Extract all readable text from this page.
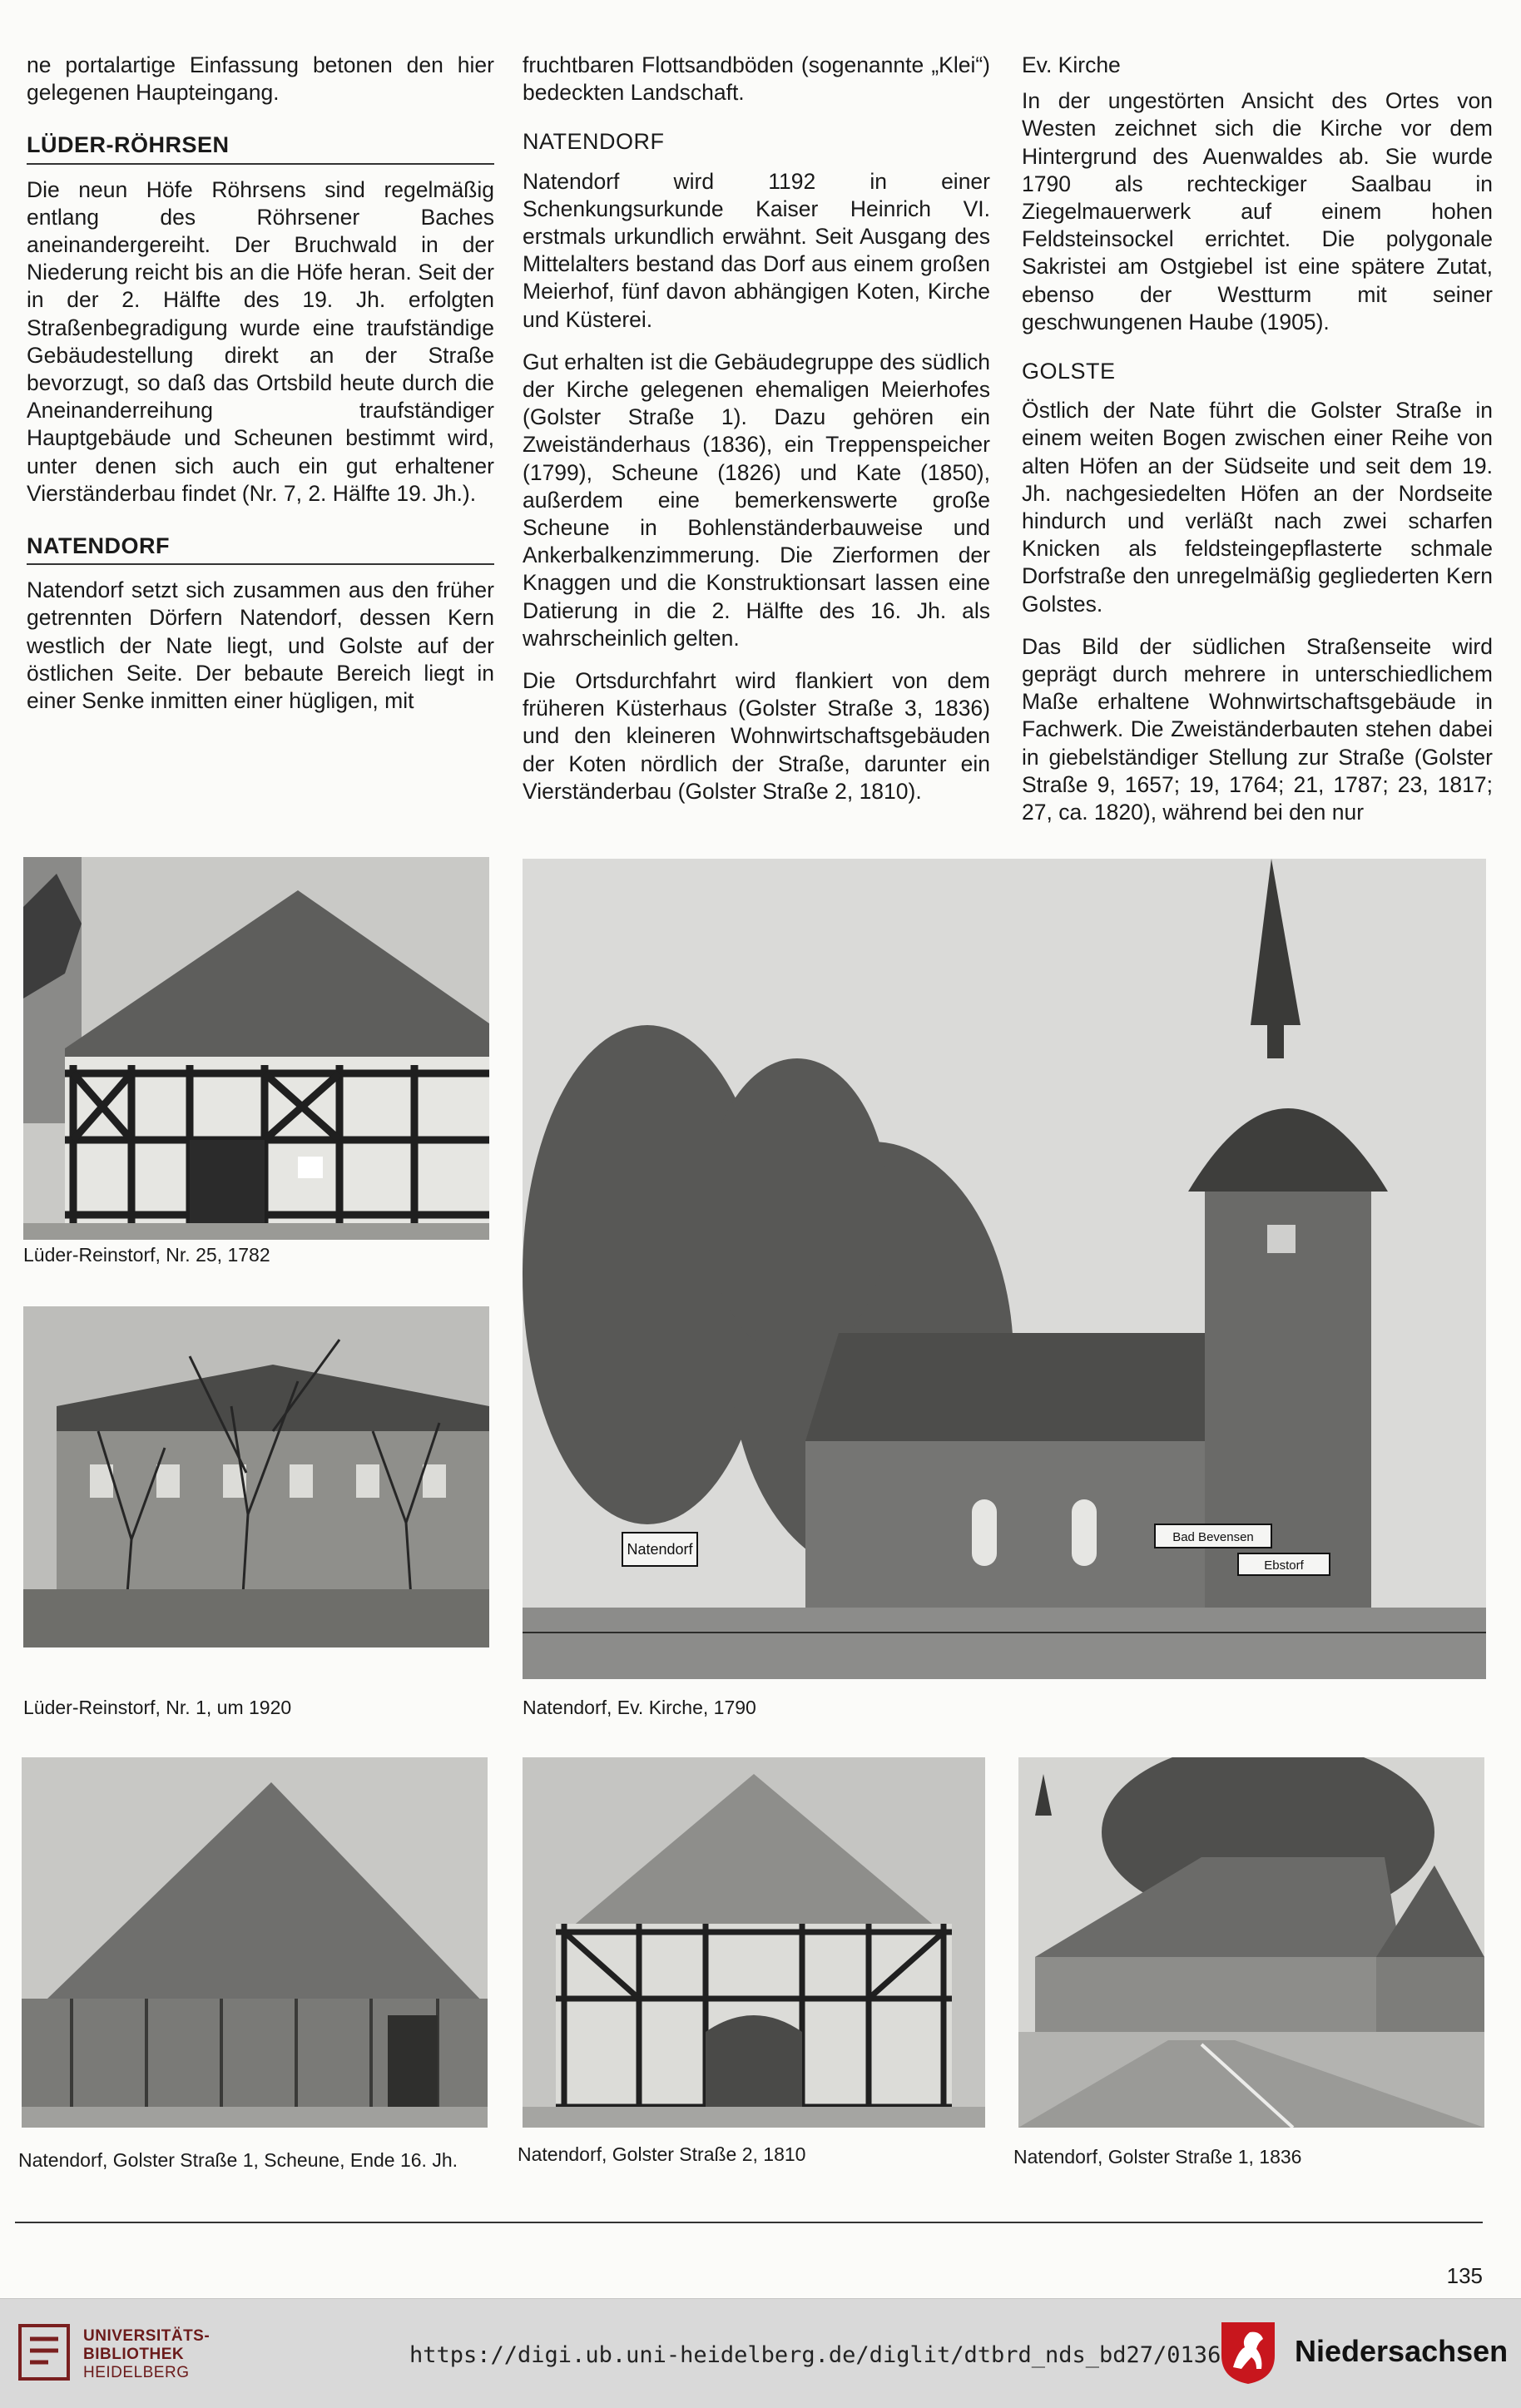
ne portalartige Einfassung betonen den hier gelegenen Haupteingang.

LÜDER-RÖHRSEN

Die neun Höfe Röhrsens sind regelmäßig entlang des Röhrsener Baches aneinandergereiht. Der Bruchwald in der Niederung reicht bis an die Höfe heran. Seit der in der 2. Hälfte des 19. Jh. erfolgten Straßenbegradigung wurde eine traufständige Gebäudestellung direkt an der Straße bevorzugt, so daß das Ortsbild heute durch die Aneinanderreihung traufständiger Hauptgebäude und Scheunen bestimmt wird, unter denen sich auch ein gut erhaltener Vierständerbau findet (Nr. 7, 2. Hälfte 19. Jh.).

NATENDORF

Natendorf setzt sich zusammen aus den früher getrennten Dörfern Natendorf, dessen Kern westlich der Nate liegt, und Golste auf der östlichen Seite. Der bebaute Bereich liegt in einer Senke inmitten einer hügligen, mit

fruchtbaren Flottsandböden (sogenannte „Klei“) bedeckten Landschaft.

NATENDORF

Natendorf wird 1192 in einer Schenkungsurkunde Kaiser Heinrich VI. erstmals urkundlich erwähnt. Seit Ausgang des Mittelalters bestand das Dorf aus einem großen Meierhof, fünf davon abhängigen Koten, Kirche und Küsterei.

Gut erhalten ist die Gebäudegruppe des südlich der Kirche gelegenen ehemaligen Meierhofes (Golster Straße 1). Dazu gehören ein Zweiständerhaus (1836), ein Treppenspeicher (1799), Scheune (1826) und Kate (1850), außerdem eine bemerkenswerte große Scheune in Bohlenständerbauweise und Ankerbalkenzimmerung. Die Zierformen der Knaggen und die Konstruktionsart lassen eine Datierung in die 2. Hälfte des 16. Jh. als wahrscheinlich gelten.

Die Ortsdurchfahrt wird flankiert von dem früheren Küsterhaus (Golster Straße 3, 1836) und den kleineren Wohnwirtschaftsgebäuden der Koten nördlich der Straße, darunter ein Vierständerbau (Golster Straße 2, 1810).

Ev. Kirche

In der ungestörten Ansicht des Ortes von Westen zeichnet sich die Kirche vor dem Hintergrund des Auenwaldes ab. Sie wurde 1790 als rechteckiger Saalbau in Ziegelmauerwerk auf einem hohen Feldsteinsockel errichtet. Die polygonale Sakristei am Ostgiebel ist eine spätere Zutat, ebenso der Westturm mit seiner geschwungenen Haube (1905).

GOLSTE

Östlich der Nate führt die Golster Straße in einem weiten Bogen zwischen einer Reihe von alten Höfen an der Südseite und seit dem 19. Jh. nachgesiedelten Höfen an der Nordseite hindurch und verläßt nach zwei scharfen Knicken als feldsteingepflasterte schmale Dorfstraße den unregelmäßig gegliederten Kern Golstes.

Das Bild der südlichen Straßenseite wird geprägt durch mehrere in unterschiedlichem Maße erhaltene Wohnwirtschaftsgebäude in Fachwerk. Die Zweiständerbauten stehen dabei in giebelständiger Stellung zur Straße (Golster Straße 9, 1657; 19, 1764; 21, 1787; 23, 1817; 27, ca. 1820), während bei den nur

Lüder-Reinstorf, Nr. 25, 1782
Lüder-Reinstorf, Nr. 1, um 1920
Natendorf
Bad Bevensen
Ebstorf
Natendorf, Ev. Kirche, 1790
Natendorf, Golster Straße 1, Scheune, Ende 16. Jh.	Natendorf, Golster Straße 2, 1810	Natendorf, Golster Straße 1, 1836
135
UNIVERSITÄTS-
BIBLIOTHEK
HEIDELBERG
https://digi.ub.uni-heidelberg.de/diglit/dtbrd_nds_bd27/0136 Niedersachsen
